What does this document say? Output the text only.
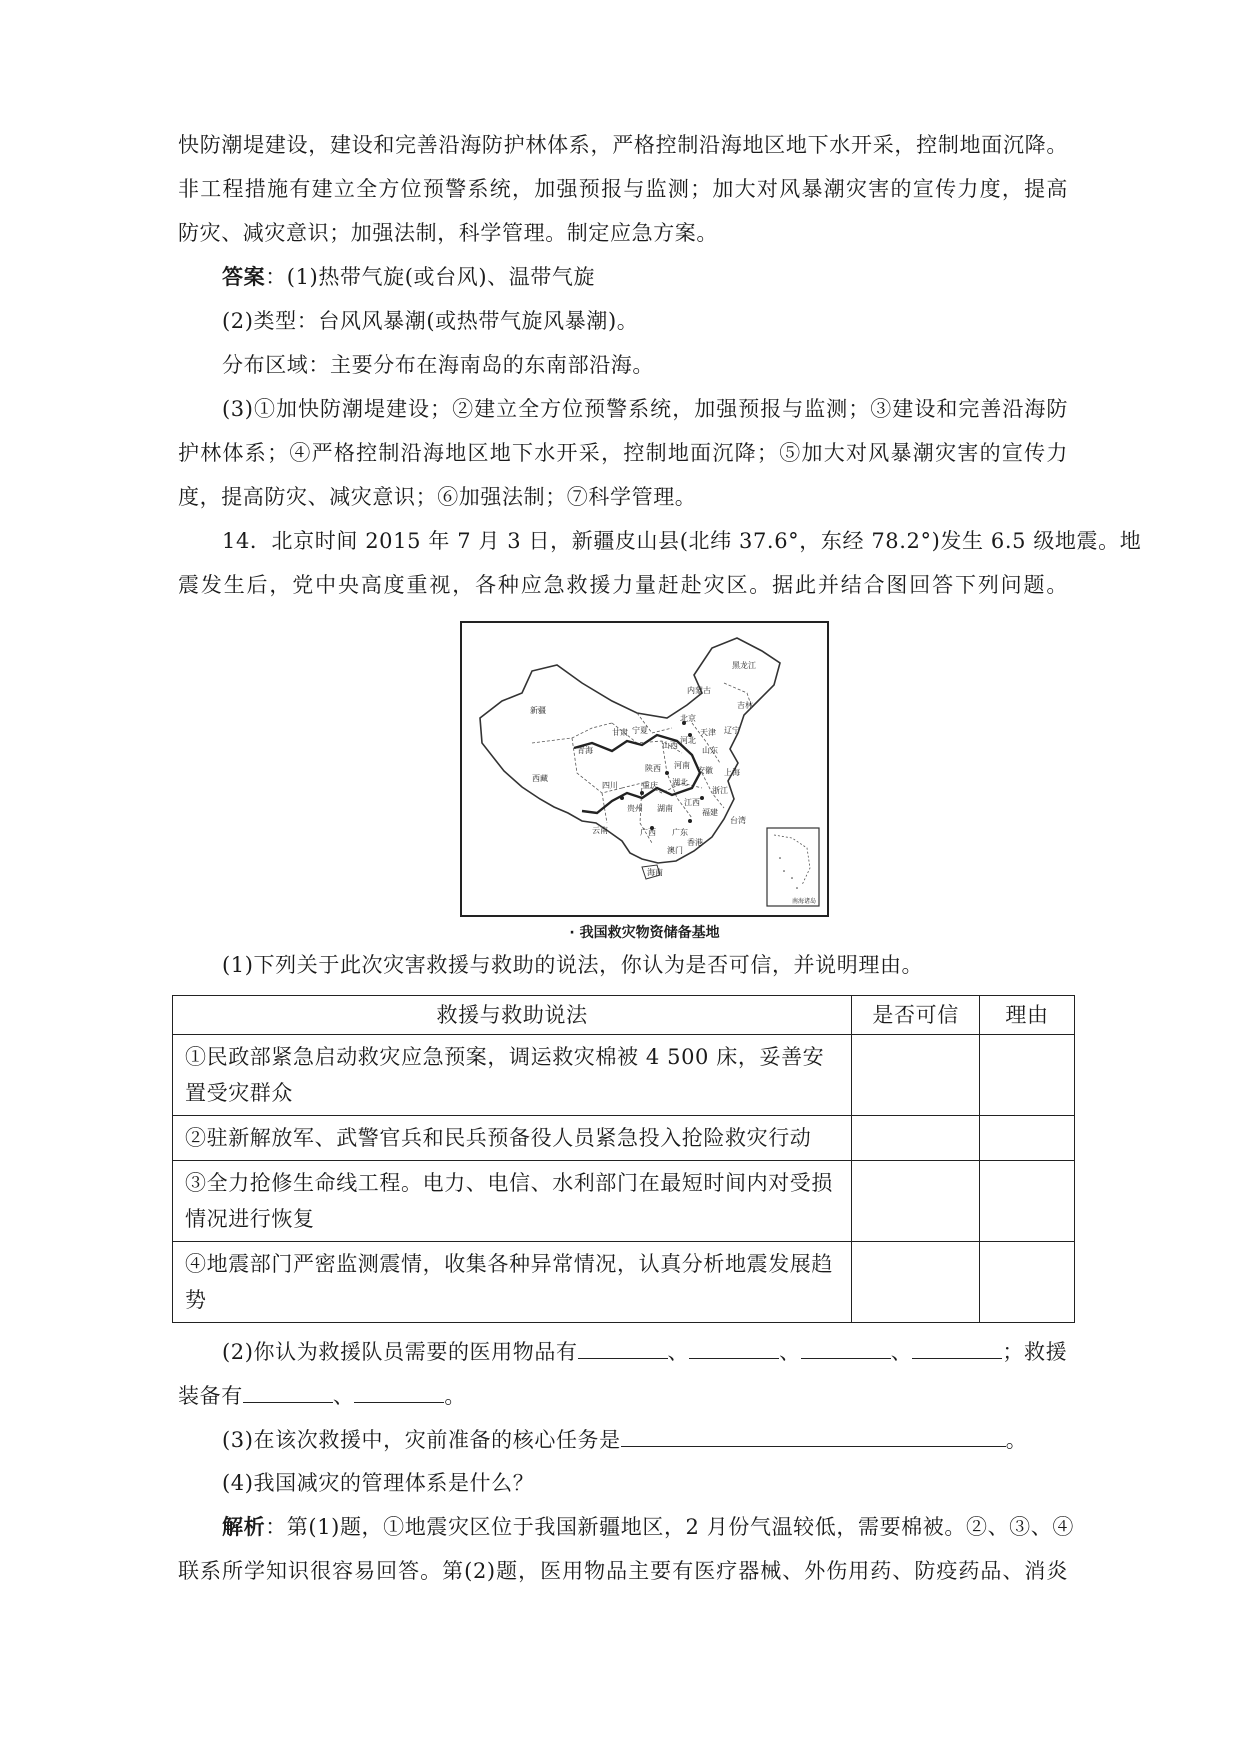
快防潮堤建设，建设和完善沿海防护林体系，严格控制沿海地区地下水开采，控制地面沉降。
非工程措施有建立全方位预警系统，加强预报与监测；加大对风暴潮灾害的宣传力度，提高
防灾、减灾意识；加强法制，科学管理。制定应急方案。
答案：(1)热带气旋(或台风)、温带气旋
(2)类型：台风风暴潮(或热带气旋风暴潮)。
分布区域：主要分布在海南岛的东南部沿海。
(3)①加快防潮堤建设；②建立全方位预警系统，加强预报与监测；③建设和完善沿海防
护林体系；④严格控制沿海地区地下水开采，控制地面沉降；⑤加大对风暴潮灾害的宣传力
度，提高防灾、减灾意识；⑥加强法制；⑦科学管理。
14．北京时间 2015 年 7 月 3 日，新疆皮山县(北纬 37.6°，东经 78.2°)发生 6.5 级地震。地
震发生后，党中央高度重视，各种应急救援力量赶赴灾区。据此并结合图回答下列问题。
黑龙江
内蒙古
吉林
新疆
辽宁
北京
天津
河北
宁夏
山西
山东
青海
甘肃
陕西 河南
安徽 上海
西藏
四川	湖北
重庆
浙江
贵州 湖南
江西
福建
云南	广西 广东
台湾
香港
澳门
海南
南海诸岛
· 我国救灾物资储备基地
(1)下列关于此次灾害救援与救助的说法，你认为是否可信，并说明理由。
救援与救助说法	是否可信	理由
①民政部紧急启动救灾应急预案，调运救灾棉被 4 500 床，妥善安置受灾群众		
②驻新解放军、武警官兵和民兵预备役人员紧急投入抢险救灾行动		
③全力抢修生命线工程。电力、电信、水利部门在最短时间内对受损情况进行恢复		
④地震部门严密监测震情，收集各种异常情况，认真分析地震发展趋势		
(2)你认为救援队员需要的医用物品有	、	、	、	；救援
装备有	、	。
(3)在该次救援中，灾前准备的核心任务是	。
(4)我国减灾的管理体系是什么？
解析：第(1)题，①地震灾区位于我国新疆地区，2 月份气温较低，需要棉被。②、③、④
联系所学知识很容易回答。第(2)题，医用物品主要有医疗器械、外伤用药、防疫药品、消炎
